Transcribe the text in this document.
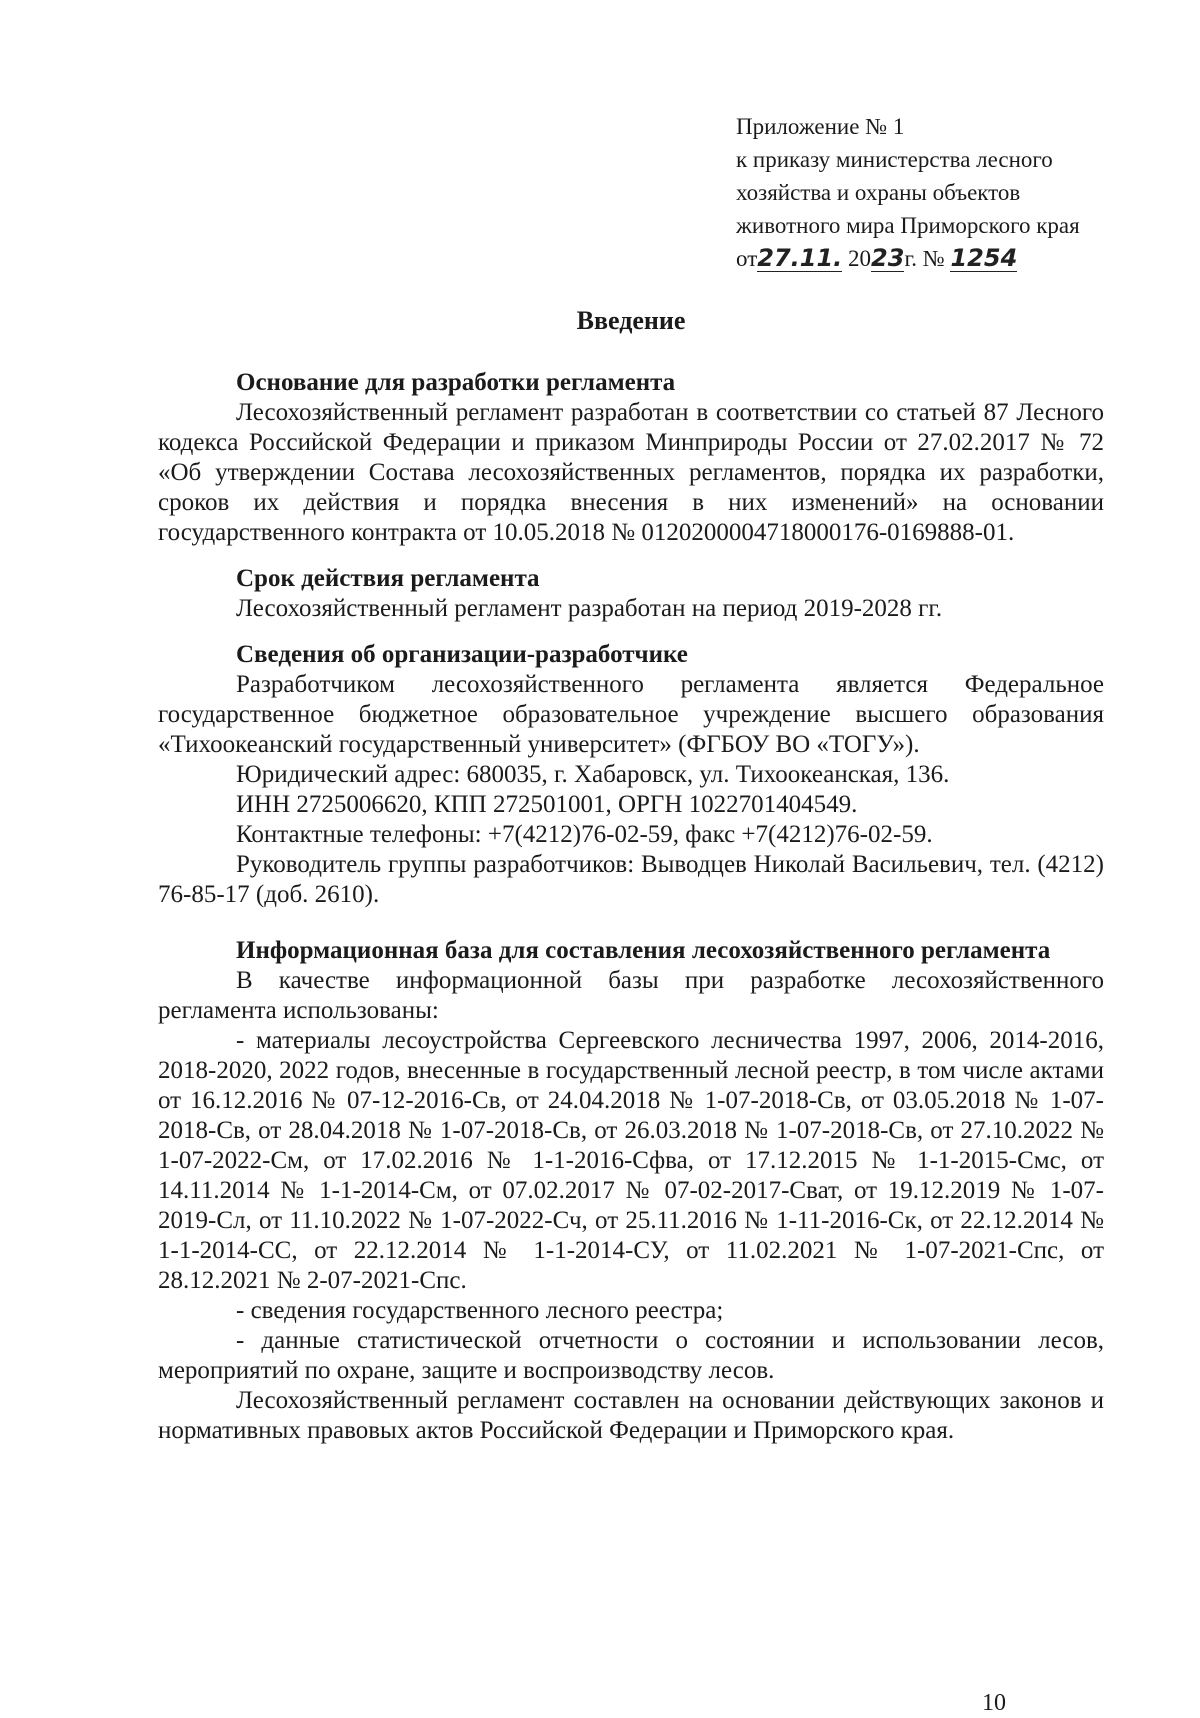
Приложение № 1
к приказу министерства лесного
хозяйства и охраны объектов
животного мира Приморского края
от27.11. 2023г. № 1254
Введение

Основание для разработки регламента

Лесохозяйственный регламент разработан в соответствии со статьей 87 Лесного кодекса Российской Федерации и приказом Минприроды России от 27.02.2017 № 72 «Об утверждении Состава лесохозяйственных регламентов, порядка их разработки, сроков их действия и порядка внесения в них изменений» на основании государственного контракта от 10.05.2018 № 0120200004718000176-0169888-01.

Срок действия регламента

Лесохозяйственный регламент разработан на период 2019-2028 гг.

Сведения об организации-разработчике

Разработчиком лесохозяйственного регламента является Федеральное государственное бюджетное образовательное учреждение высшего образования «Тихоокеанский государственный университет» (ФГБОУ ВО «ТОГУ»).

Юридический адрес: 680035, г. Хабаровск, ул. Тихоокеанская, 136.

ИНН 2725006620, КПП 272501001, ОРГН 1022701404549.

Контактные телефоны: +7(4212)76-02-59, факс +7(4212)76-02-59.

Руководитель группы разработчиков: Выводцев Николай Васильевич, тел. (4212) 76-85-17 (доб. 2610).

Информационная база для составления лесохозяйственного регламента

В качестве информационной базы при разработке лесохозяйственного регламента использованы:

- материалы лесоустройства Сергеевского лесничества 1997, 2006, 2014-2016, 2018-2020, 2022 годов, внесенные в государственный лесной реестр, в том числе актами от 16.12.2016 № 07-12-2016-Св, от 24.04.2018 № 1-07-2018-Св, от 03.05.2018 № 1-07-2018-Св, от 28.04.2018 № 1-07-2018-Св, от 26.03.2018 № 1-07-2018-Св, от 27.10.2022 № 1-07-2022-См, от 17.02.2016 № 1-1-2016-Сфва, от 17.12.2015 № 1-1-2015-Смс, от 14.11.2014 № 1-1-2014-См, от 07.02.2017 № 07-02-2017-Сват, от 19.12.2019 № 1-07-2019-Сл, от 11.10.2022 № 1-07-2022-Сч, от 25.11.2016 № 1-11-2016-Ск, от 22.12.2014 № 1-1-2014-СС, от 22.12.2014 № 1-1-2014-СУ, от 11.02.2021 № 1-07-2021-Спс, от 28.12.2021 № 2-07-2021-Спс.

- сведения государственного лесного реестра;

- данные статистической отчетности о состоянии и использовании лесов, мероприятий по охране, защите и воспроизводству лесов.

Лесохозяйственный регламент составлен на основании действующих законов и нормативных правовых актов Российской Федерации и Приморского края.

10
